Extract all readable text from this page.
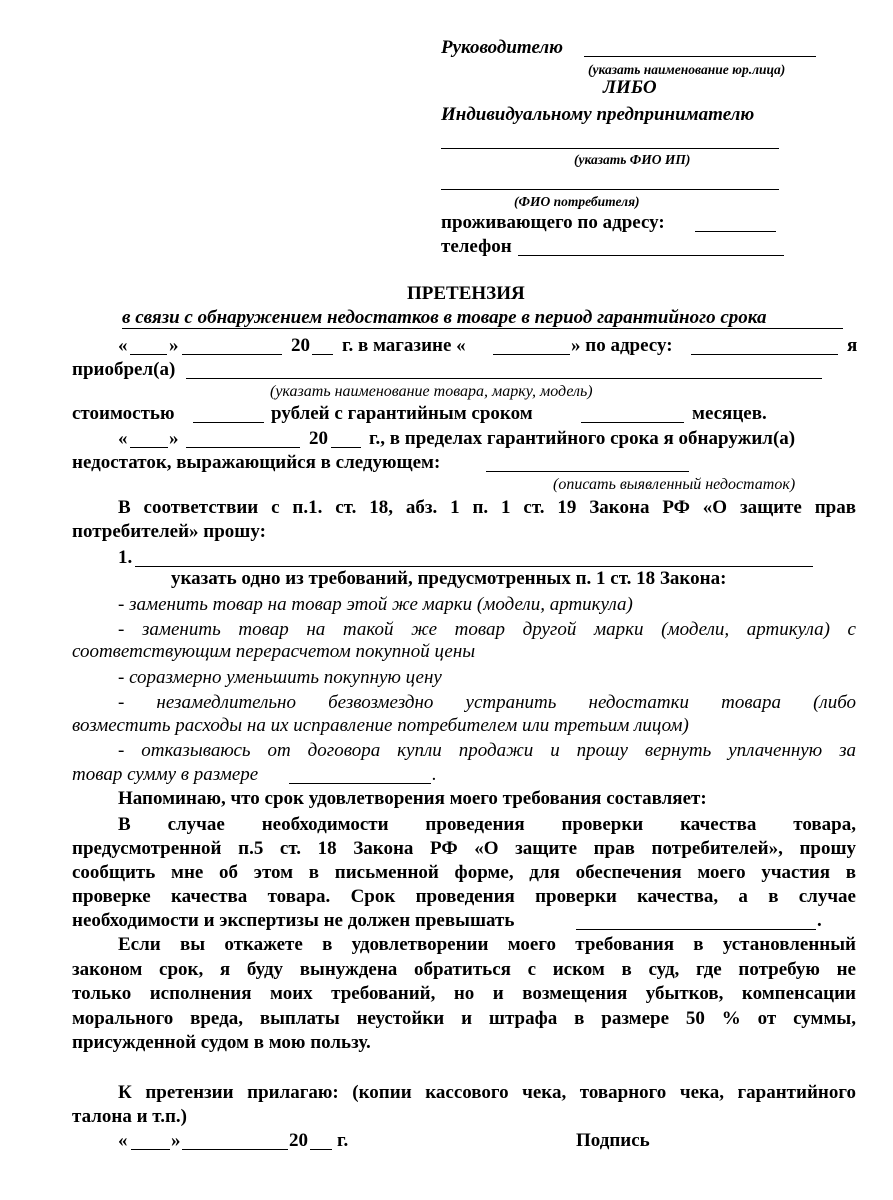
Руководителю
(указать наименование юр.лица)
ЛИБО
Индивидуальному предпринимателю
(указать ФИО ИП)
(ФИО потребителя)
проживающего по адресу:
телефон
ПРЕТЕНЗИЯ
в связи с обнаружением недостатков в товаре в период гарантийного срока
« »	20 г. в магазине «	» по адресу:	я
приобрел(а)
(указать наименование товара, марку, модель)
стоимостью	рублей с гарантийным сроком	месяцев.
« »	20 г., в пределах гарантийного срока я обнаружил(а)
недостаток, выражающийся в следующем:
(описать выявленный недостаток)
В соответствии с п.1. ст. 18, абз. 1 п. 1 ст. 19 Закона РФ «О защите прав
потребителей» прошу:
1.
указать одно из требований, предусмотренных п. 1 ст. 18 Закона:
- заменить товар на товар этой же марки (модели, артикула)
- заменить товар на такой же товар другой марки (модели, артикула) с
соответствующим перерасчетом покупной цены
- соразмерно уменьшить покупную цену
- незамедлительно безвозмездно устранить недостатки товара (либо
возместить расходы на их исправление потребителем или третьим лицом)
- отказываюсь от договора купли продажи и прошу вернуть уплаченную за
товар сумму в размере	.
Напоминаю, что срок удовлетворения моего требования составляет:
В случае необходимости проведения проверки качества товара,
предусмотренной п.5 ст. 18 Закона РФ «О защите прав потребителей», прошу
сообщить мне об этом в письменной форме, для обеспечения моего участия в
проверке качества товара. Срок проведения проверки качества, а в случае
необходимости и экспертизы не должен превышать	.
Если вы откажете в удовлетворении моего требования в установленный
законом срок, я буду вынуждена обратиться с иском в суд, где потребую не
только исполнения моих требований, но и возмещения убытков, компенсации
морального вреда, выплаты неустойки и штрафа в размере 50 % от суммы,
присужденной судом в мою пользу.
К претензии прилагаю: (копии кассового чека, товарного чека, гарантийного
талона и т.п.)
« »	20 г.	Подпись
